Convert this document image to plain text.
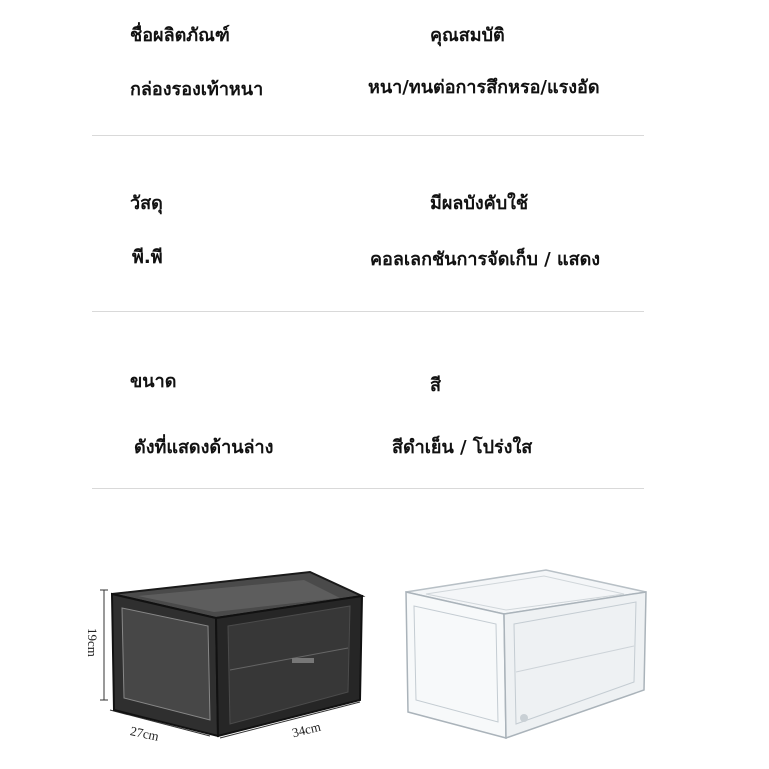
ชื่อผลิตภัณฑ์	คุณสมบัติ
กล่องรองเท้าหนา	หนา/ทนต่อการสึกหรอ/แรงอัด
วัสดุ	มีผลบังคับใช้
พี.พี	คอลเลกชันการจัดเก็บ / แสดง
ขนาด	สี
ดังที่แสดงด้านล่าง	สีดำเย็น / โปร่งใส
19cm
27cm	34cm
